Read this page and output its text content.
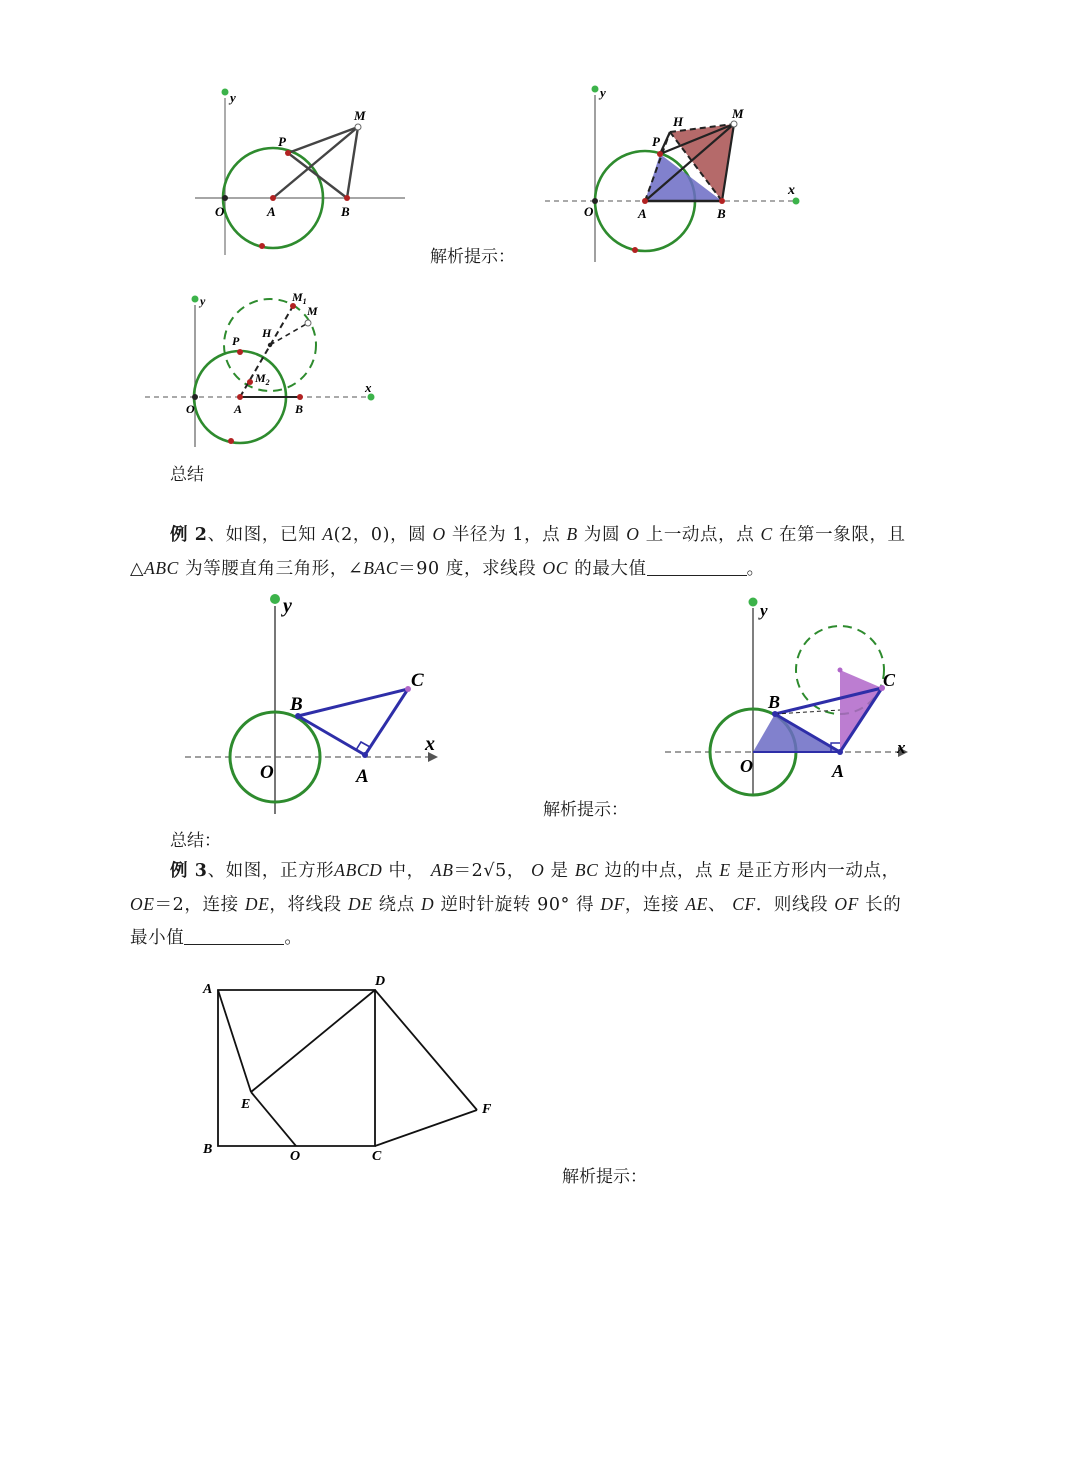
y
P
M
O	A	B
y
x
H
M
P
O	A	B
解析提示：
y
x
$M_1$
M
H
P
$M_2$
O	A	B
总结
例 2、如图，已知 A(2，0)，圆 O 半径为 1，点 B 为圆 O 上一动点，点 C 在第一象限，且
△ABC 为等腰直角三角形，∠BAC＝90 度，求线段 OC 的最大值	。
y
x
B
C
O	A
解析提示：
y
x
B
C
O	A
总结：
例 3、如图，正方形ABCD 中， AB＝2√5， O 是 BC 边的中点，点 E 是正方形内一动点，
OE＝2，连接 DE，将线段 DE 绕点 D 逆时针旋转 90° 得 DF，连接 AE、 CF．则线段 OF 长的
最小值	。
A
D
E	F
B	O	C
解析提示：
